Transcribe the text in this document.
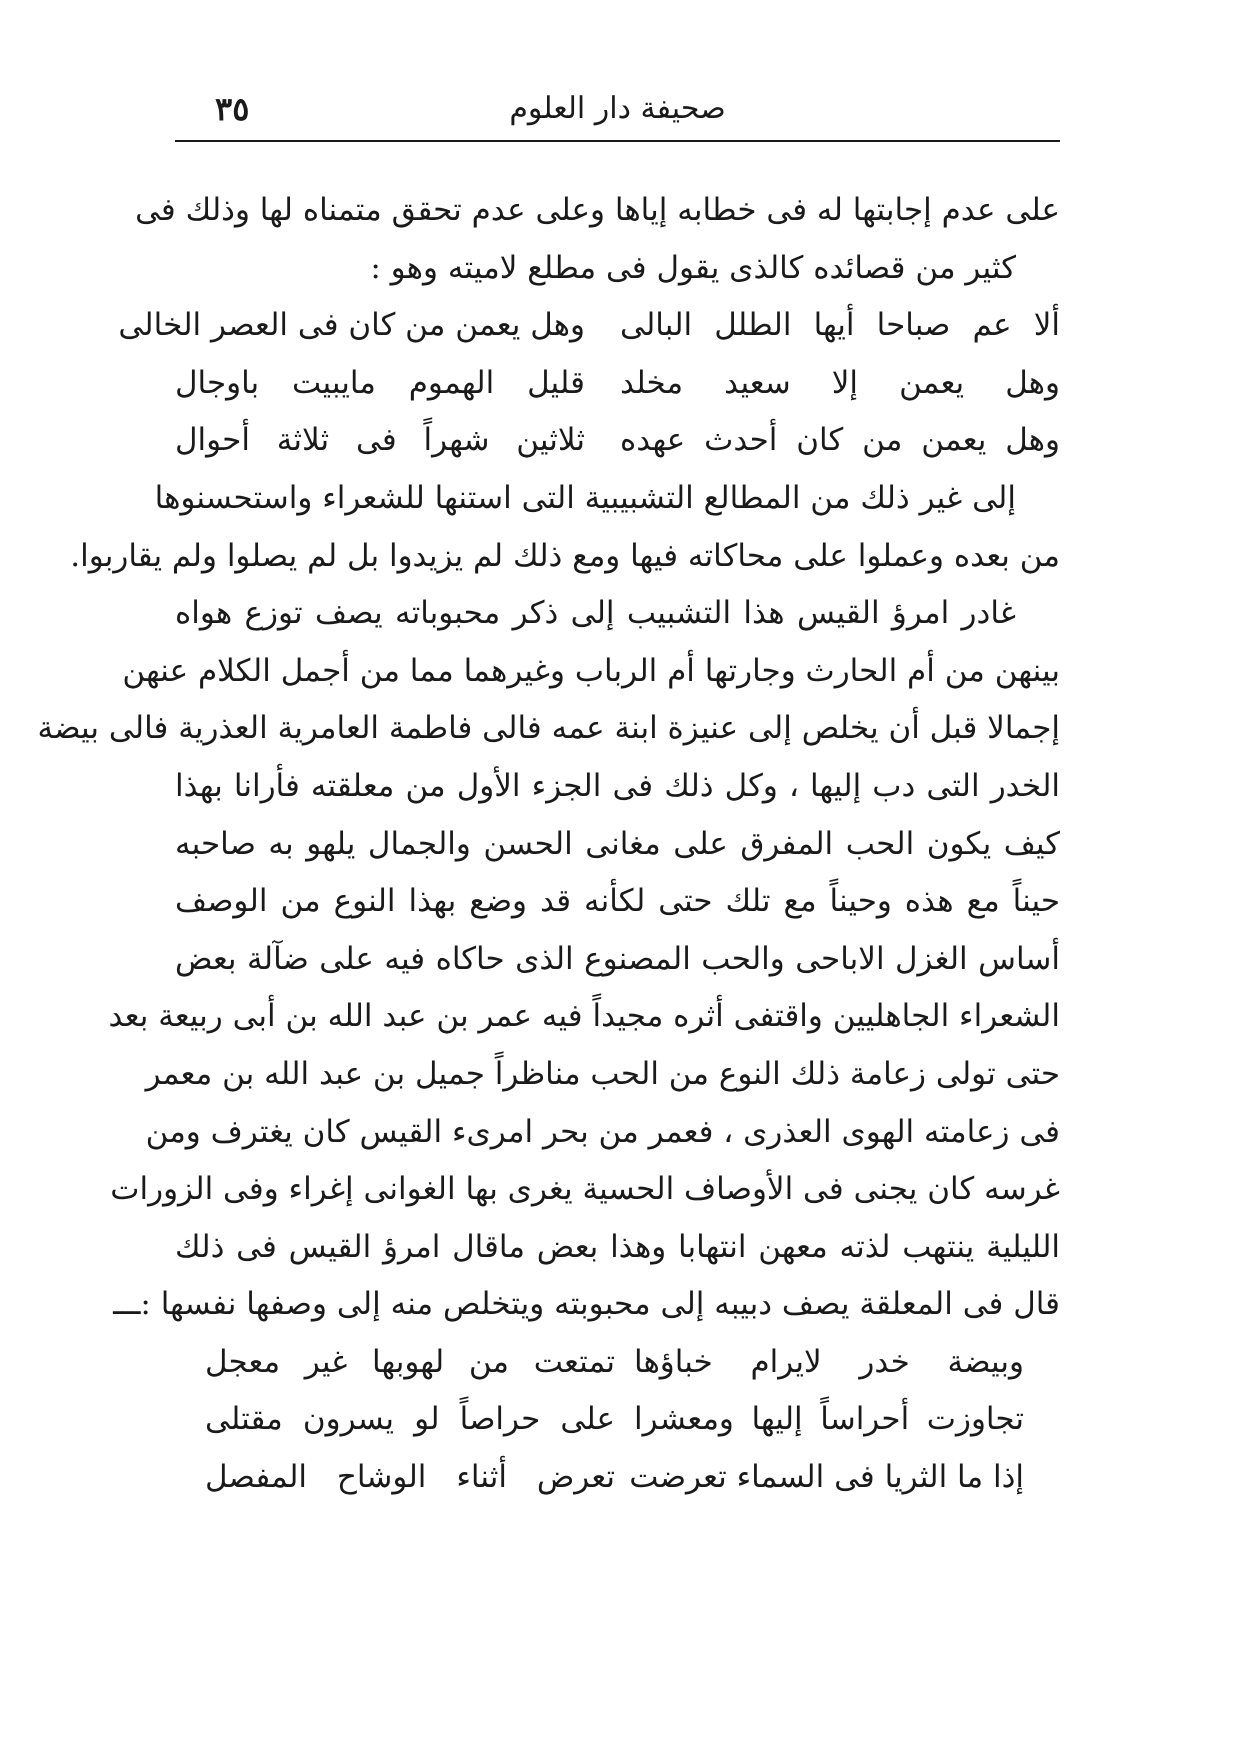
صحيفة دار العلوم
٣٥
على عدم إجابتها له فى خطابه إياها وعلى عدم تحقق متمناه لها وذلك فى
كثير من قصائده كالذى يقول فى مطلع لاميته وهو :
ألا عم صباحا أيها الطلل البالى
وهل يعمن من كان فى العصر الخالى
وهل يعمن إلا سعيد مخلد
قليل الهموم مايبيت باوجال
وهل يعمن من كان أحدث عهده
ثلاثين شهراً فى ثلاثة أحوال
إلى غير ذلك من المطالع التشبيبية التى استنها للشعراء واستحسنوها
من بعده وعملوا على محاكاته فيها ومع ذلك لم يزيدوا بل لم يصلوا ولم يقاربوا.
غادر امرؤ القيس هذا التشبيب إلى ذكر محبوباته يصف توزع هواه
بينهن من أم الحارث وجارتها أم الرباب وغيرهما مما من أجمل الكلام عنهن
إجمالا قبل أن يخلص إلى عنيزة ابنة عمه فالى فاطمة العامرية العذرية فالى بيضة
الخدر التى دب إليها ، وكل ذلك فى الجزء الأول من معلقته فأرانا بهذا
كيف يكون الحب المفرق على مغانى الحسن والجمال يلهو به صاحبه
حيناً مع هذه وحيناً مع تلك حتى لكأنه قد وضع بهذا النوع من الوصف
أساس الغزل الاباحى والحب المصنوع الذى حاكاه فيه على ضآلة بعض
الشعراء الجاهليين واقتفى أثره مجيداً فيه عمر بن عبد الله بن أبى ربيعة بعد
حتى تولى زعامة ذلك النوع من الحب مناظراً جميل بن عبد الله بن معمر
فى زعامته الهوى العذرى ، فعمر من بحر امرىء القيس كان يغترف ومن
غرسه كان يجنى فى الأوصاف الحسية يغرى بها الغوانى إغراء وفى الزورات
الليلية ينتهب لذته معهن انتهابا وهذا بعض ماقال امرؤ القيس فى ذلك
قال فى المعلقة يصف دبيبه إلى محبوبته ويتخلص منه إلى وصفها نفسها :ـــ
وبيضة خدر لايرام خباؤها
تمتعت من لهوبها غير معجل
تجاوزت أحراساً إليها ومعشرا
على حراصاً لو يسرون مقتلى
إذا ما الثريا فى السماء تعرضت
تعرض أثناء الوشاح المفصل
